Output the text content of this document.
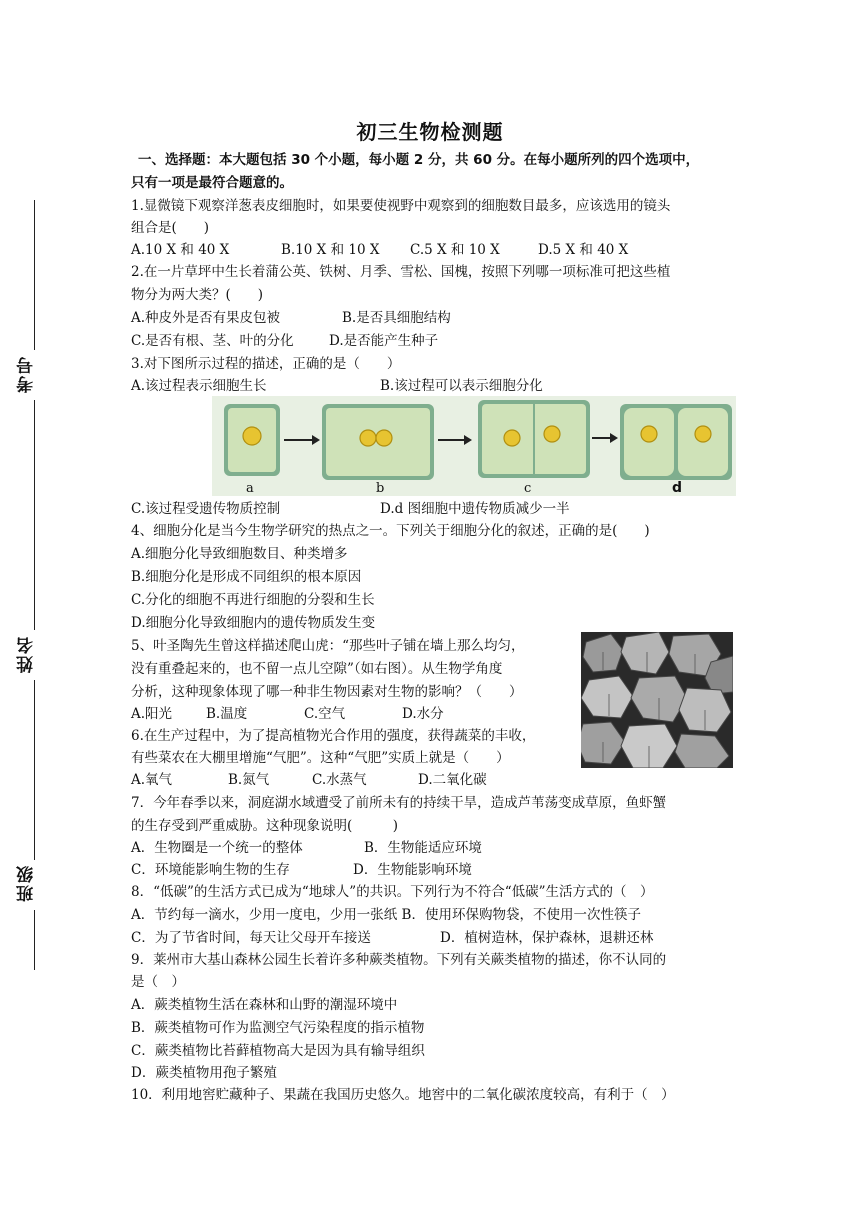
考号
姓名
班级
初三生物检测题
一、选择题：本大题包括 30 个小题，每小题 2 分，共 60 分。在每小题所列的四个选项中，
只有一项是最符合题意的。
1.显微镜下观察洋葱表皮细胞时，如果要使视野中观察到的细胞数目最多，应该选用的镜头
组合是(　　)
A.10 X 和 40 X	B.10 X 和 10 X C.5 X 和 10 X	D.5 X 和 40 X
2.在一片草坪中生长着蒲公英、铁树、月季、雪松、国槐，按照下列哪一项标准可把这些植
物分为两大类？(　　)
A.种皮外是否有果皮包被	B.是否具细胞结构
C.是否有根、茎、叶的分化	D.是否能产生种子
3.对下图所示过程的描述，正确的是（　　）
A.该过程表示细胞生长	B.该过程可以表示细胞分化
a	b	c	d
C.该过程受遗传物质控制	D.d 图细胞中遗传物质减少一半
4、细胞分化是当今生物学研究的热点之一。下列关于细胞分化的叙述，正确的是(　　)
A.细胞分化导致细胞数目、种类增多
B.细胞分化是形成不同组织的根本原因
C.分化的细胞不再进行细胞的分裂和生长
D.细胞分化导致细胞内的遗传物质发生变
5、叶圣陶先生曾这样描述爬山虎：“那些叶子铺在墙上那么均匀，
没有重叠起来的，也不留一点儿空隙”（如右图）。从生物学角度
分析，这种现象体现了哪一种非生物因素对生物的影响？（　　）
A.阳光	B.温度	C.空气	D.水分
6.在生产过程中，为了提高植物光合作用的强度，获得蔬菜的丰收，
有些菜农在大棚里增施“气肥”。这种“气肥”实质上就是（　　）
A.氧气	B.氮气	C.水蒸气	D.二氧化碳
7．今年春季以来，洞庭湖水域遭受了前所未有的持续干旱，造成芦苇荡变成草原，鱼虾蟹
的生存受到严重威胁。这种现象说明(　　　)
A．生物圈是一个统一的整体	B．生物能适应环境
C．环境能影响生物的生存	D．生物能影响环境
8．“低碳”的生活方式已成为“地球人”的共识。下列行为不符合“低碳”生活方式的（　）
A．节约每一滴水，少用一度电，少用一张纸 B．使用环保购物袋，不使用一次性筷子
C．为了节省时间，每天让父母开车接送	D．植树造林，保护森林，退耕还林
9．莱州市大基山森林公园生长着许多种蕨类植物。下列有关蕨类植物的描述，你不认同的
是（　）
A．蕨类植物生活在森林和山野的潮湿环境中
B．蕨类植物可作为监测空气污染程度的指示植物
C．蕨类植物比苔藓植物高大是因为具有输导组织
D．蕨类植物用孢子繁殖
10．利用地窖贮藏种子、果蔬在我国历史悠久。地窖中的二氧化碳浓度较高，有利于（　）
